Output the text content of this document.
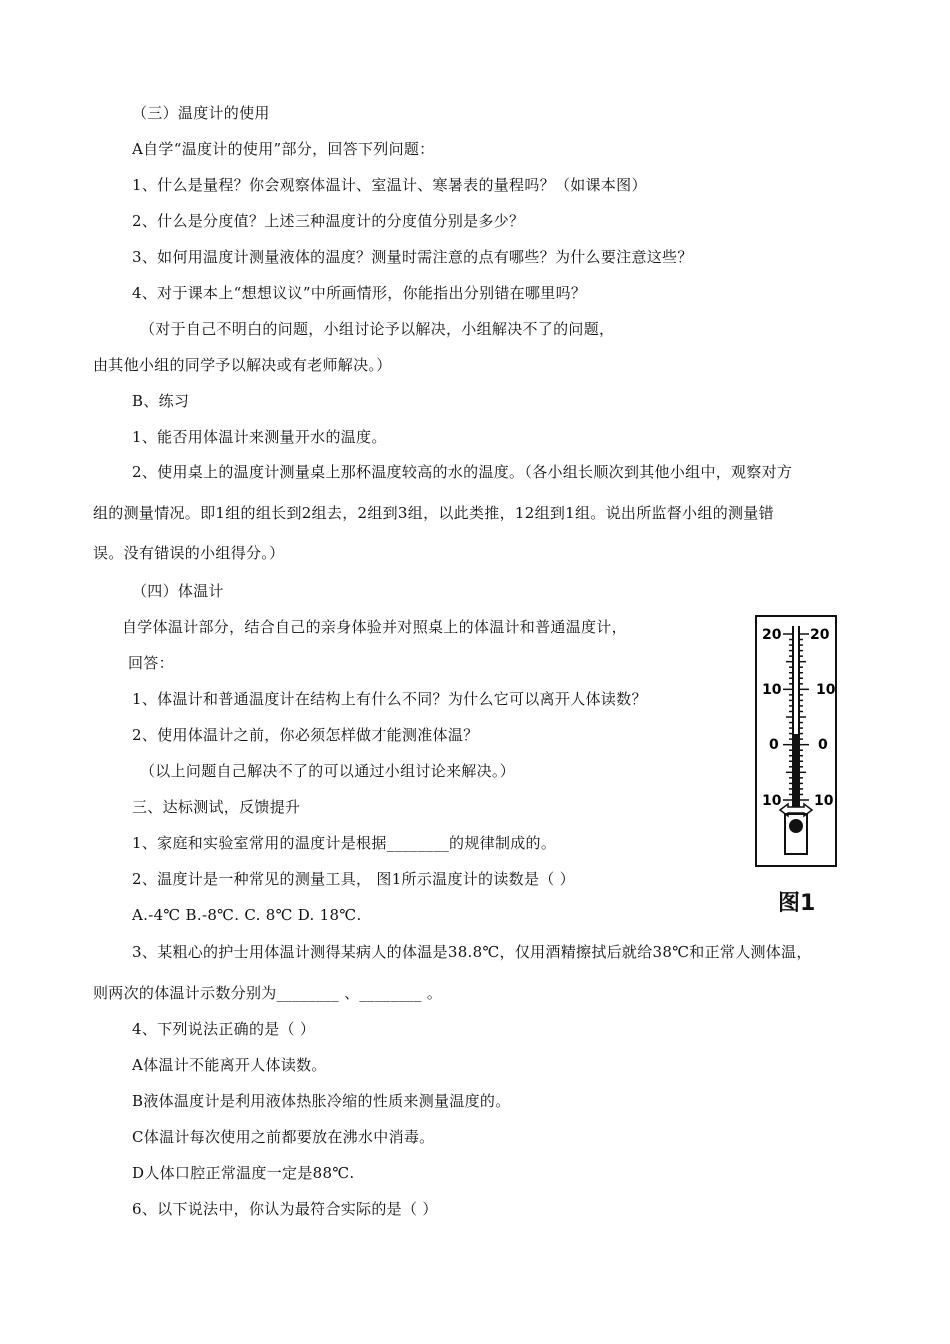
（三）温度计的使用
A自学“温度计的使用”部分，回答下列问题：
1、什么是量程？你会观察体温计、室温计、寒暑表的量程吗？（如课本图）
2、什么是分度值？上述三种温度计的分度值分别是多少？
3、如何用温度计测量液体的温度？测量时需注意的点有哪些？为什么要注意这些？
4、对于课本上“想想议议”中所画情形，你能指出分别错在哪里吗？
（对于自己不明白的问题，小组讨论予以解决，小组解决不了的问题，
由其他小组的同学予以解决或有老师解决。）
B、练习
1、能否用体温计来测量开水的温度。
2、使用桌上的温度计测量桌上那杯温度较高的水的温度。（各小组长顺次到其他小组中，观察对方
组的测量情况。即1组的组长到2组去，2组到3组，以此类推，12组到1组。说出所监督小组的测量错
误。没有错误的小组得分。）
（四）体温计
自学体温计部分，结合自己的亲身体验并对照桌上的体温计和普通温度计，
回答：
1、体温计和普通温度计在结构上有什么不同？为什么它可以离开人体读数？
2、使用体温计之前，你必须怎样做才能测准体温？
（以上问题自己解决不了的可以通过小组讨论来解决。）
三、达标测试，反馈提升
1、家庭和实验室常用的温度计是根据________的规律制成的。
2、温度计是一种常见的测量工具， 图1所示温度计的读数是（ ）
A.-4℃ B.-8℃. C. 8℃ D. 18℃.
3、某粗心的护士用体温计测得某病人的体温是38.8℃，仅用酒精擦拭后就给38℃和正常人测体温，
则两次的体温计示数分别为________ 、________ 。
4、下列说法正确的是（ ）
A体温计不能离开人体读数。
B液体温度计是利用液体热胀冷缩的性质来测量温度的。
C体温计每次使用之前都要放在沸水中消毒。
D人体口腔正常温度一定是88℃.
6、以下说法中，你认为最符合实际的是（ ）
20 20
10 10
0	0
10 10
图1
